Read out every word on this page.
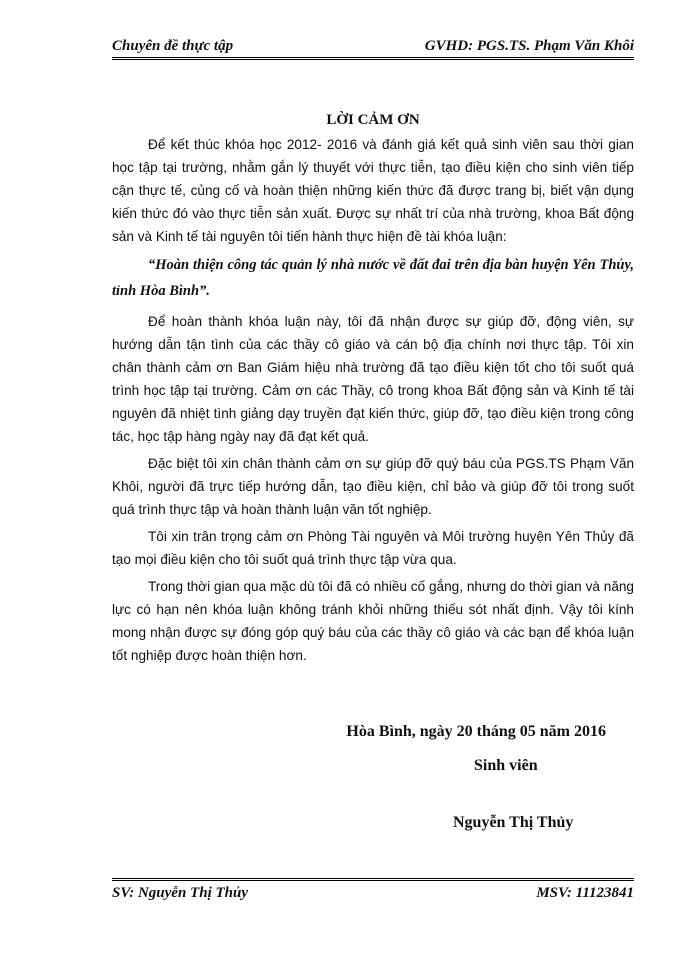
Chuyên đề thực tập	GVHD: PGS.TS. Phạm Văn Khôi

LỜI CẢM ƠN

Để kết thúc khóa học 2012- 2016 và đánh giá kết quả sinh viên sau thời gian học tập tại trường, nhằm gắn lý thuyết với thực tiễn, tạo điều kiện cho sinh viên tiếp cận thực tế, củng cố và hoàn thiện những kiến thức đã được trang bị, biết vận dụng kiến thức đó vào thực tiễn sản xuất. Được sự nhất trí của nhà trường, khoa Bất động sản và Kinh tế tài nguyên tôi tiến hành thực hiện đề tài khóa luận:

“Hoàn thiện công tác quản lý nhà nước về đất đai trên địa bàn huyện Yên Thủy, tỉnh Hòa Bình”.

Để hoàn thành khóa luận này, tôi đã nhận được sự giúp đỡ, động viên, sự hướng dẫn tận tình của các thầy cô giáo và cán bộ địa chính nơi thực tập. Tôi xin chân thành cảm ơn Ban Giám hiệu nhà trường đã tạo điều kiện tốt cho tôi suốt quá trình học tập tại trường. Cảm ơn các Thầy, cô trong khoa Bất động sản và Kinh tế tài nguyên đã nhiệt tình giảng dạy truyền đạt kiến thức, giúp đỡ, tạo điều kiện trong công tác, học tập hàng ngày nay đã đạt kết quả.

Đặc biệt tôi xin chân thành cảm ơn sự giúp đỡ quý báu của PGS.TS Phạm Văn Khôi, người đã trực tiếp hướng dẫn, tạo điều kiện, chỉ bảo và giúp đỡ tôi trong suốt quá trình thực tập và hoàn thành luận văn tốt nghiệp.

Tôi xin trân trọng cảm ơn Phòng Tài nguyên và Môi trường huyện Yên Thủy đã tạo mọi điều kiện cho tôi suốt quá trình thực tập vừa qua.

Trong thời gian qua mặc dù tôi đã có nhiều cố gắng, nhưng do thời gian và năng lực có hạn nên khóa luận không tránh khỏi những thiếu sót nhất định. Vậy tôi kính mong nhận được sự đóng góp quý báu của các thầy cô giáo và các bạn để khóa luận tốt nghiệp được hoàn thiện hơn.

Hòa Bình, ngày 20 tháng 05 năm 2016
Sinh viên
Nguyễn Thị Thủy
SV: Nguyễn Thị Thủy	MSV: 11123841
